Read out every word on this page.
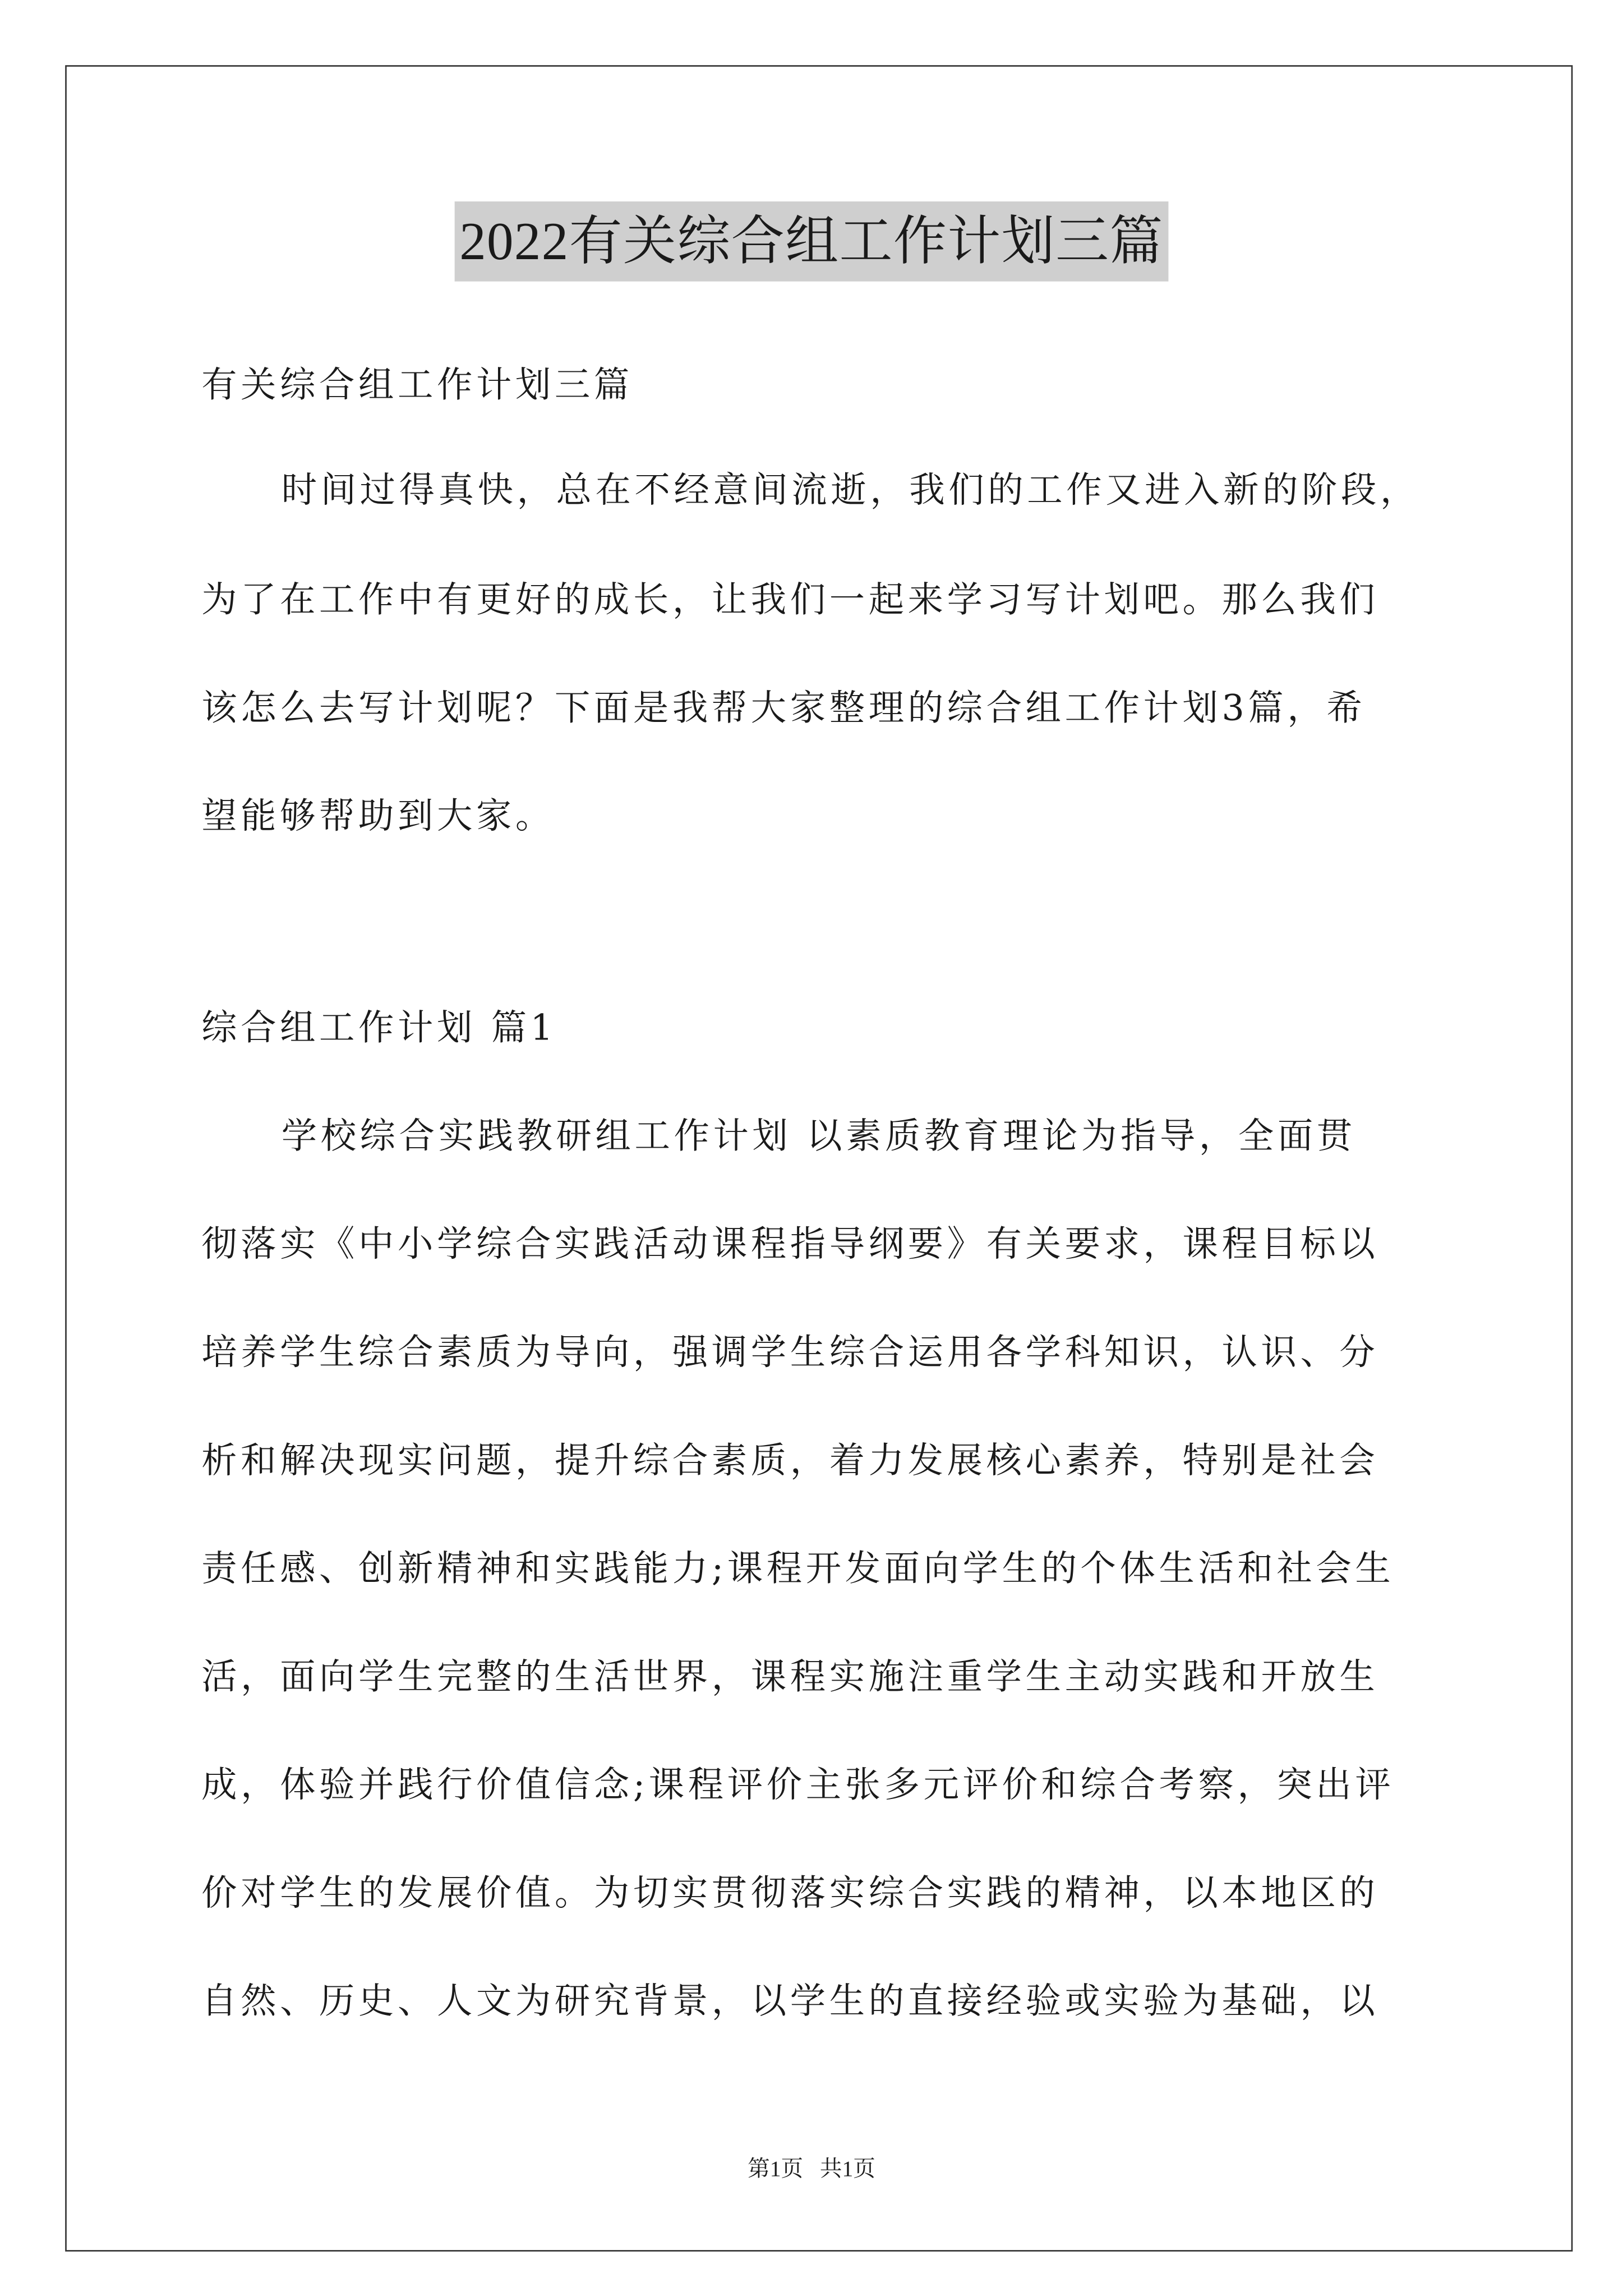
2022有关综合组工作计划三篇
有关综合组工作计划三篇
时间过得真快，总在不经意间流逝，我们的工作又进入新的阶段，
为了在工作中有更好的成长，让我们一起来学习写计划吧。那么我们
该怎么去写计划呢？下面是我帮大家整理的综合组工作计划3篇，希
望能够帮助到大家。
综合组工作计划 篇1
学校综合实践教研组工作计划 以素质教育理论为指导，全面贯
彻落实《中小学综合实践活动课程指导纲要》有关要求，课程目标以
培养学生综合素质为导向，强调学生综合运用各学科知识，认识、分
析和解决现实问题，提升综合素质，着力发展核心素养，特别是社会
责任感、创新精神和实践能力;课程开发面向学生的个体生活和社会生
活，面向学生完整的生活世界，课程实施注重学生主动实践和开放生
成，体验并践行价值信念;课程评价主张多元评价和综合考察，突出评
价对学生的发展价值。为切实贯彻落实综合实践的精神，以本地区的
自然、历史、人文为研究背景，以学生的直接经验或实验为基础，以
第1页   共1页
